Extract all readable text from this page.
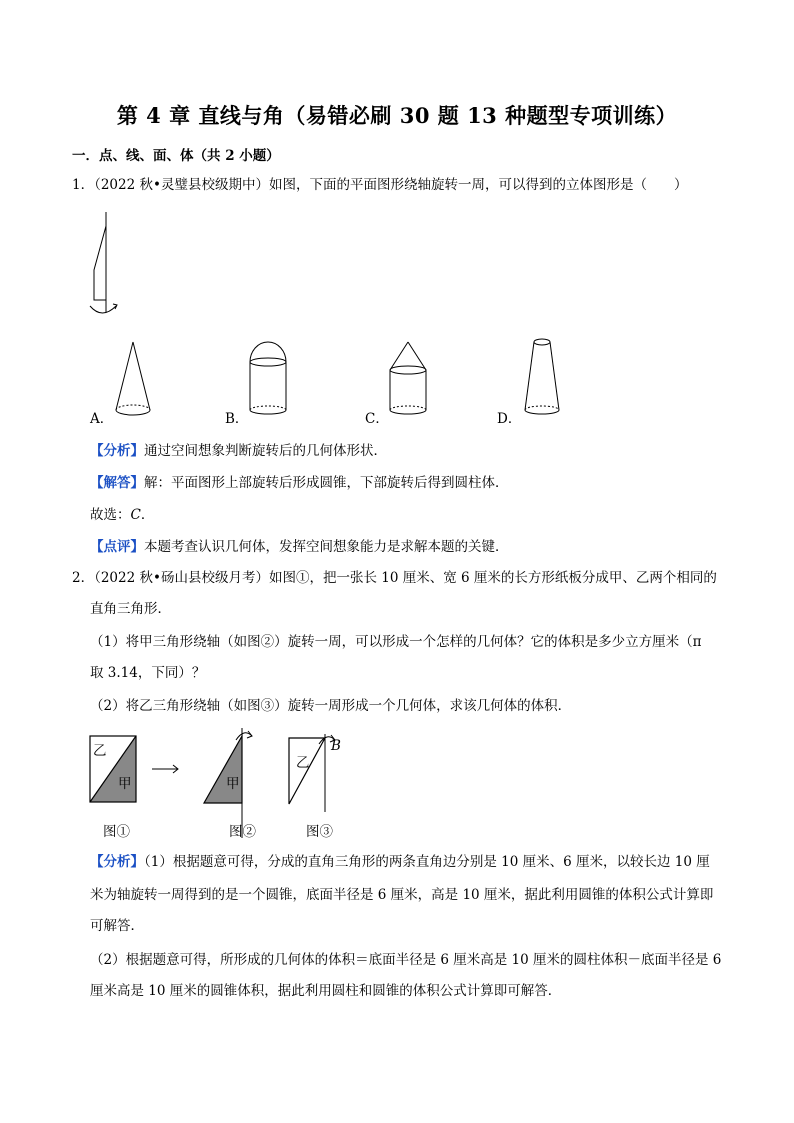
第 4 章 直线与角（易错必刷 30 题 13 种题型专项训练）
一．点、线、面、体（共 2 小题）
1．（2022 秋•灵璧县校级期中）如图，下面的平面图形绕轴旋转一周，可以得到的立体图形是（　　）
A．	B．	C．	D．
【分析】通过空间想象判断旋转后的几何体形状．
【解答】解：平面图形上部旋转后形成圆锥，下部旋转后得到圆柱体．
故选：C．
【点评】本题考查认识几何体，发挥空间想象能力是求解本题的关键．
2．（2022 秋•砀山县校级月考）如图①，把一张长 10 厘米、宽 6 厘米的长方形纸板分成甲、乙两个相同的
直角三角形．
（1）将甲三角形绕轴（如图②）旋转一周，可以形成一个怎样的几何体？它的体积是多少立方厘米（π
取 3.14，下同）？
（2）将乙三角形绕轴（如图③）旋转一周形成一个几何体，求该几何体的体积．
乙
甲	甲
乙
B
图①	图②	图③
【分析】（1）根据题意可得，分成的直角三角形的两条直角边分别是 10 厘米、6 厘米，以较长边 10 厘
米为轴旋转一周得到的是一个圆锥，底面半径是 6 厘米，高是 10 厘米，据此利用圆锥的体积公式计算即
可解答．
（2）根据题意可得，所形成的几何体的体积＝底面半径是 6 厘米高是 10 厘米的圆柱体积－底面半径是 6
厘米高是 10 厘米的圆锥体积，据此利用圆柱和圆锥的体积公式计算即可解答．
